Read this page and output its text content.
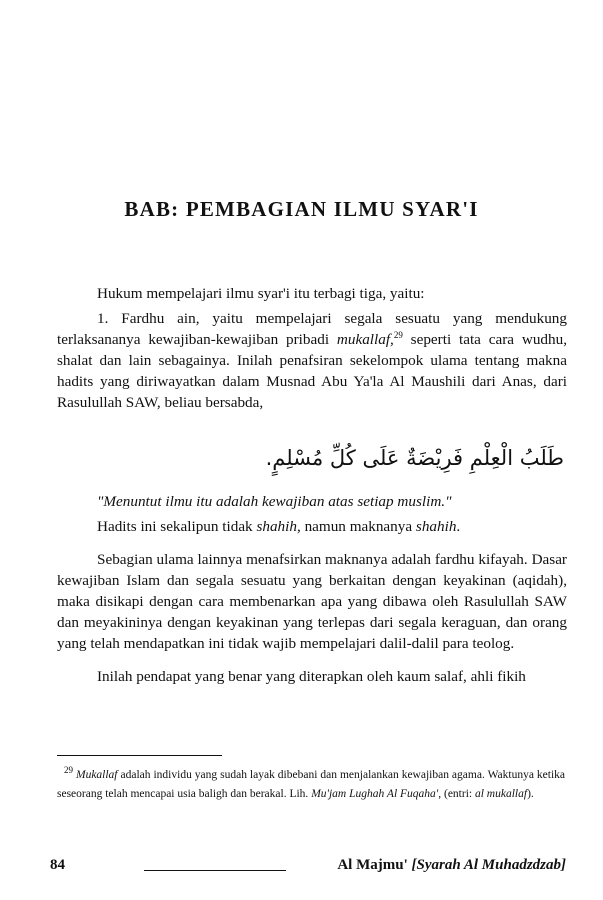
BAB: PEMBAGIAN ILMU SYAR'I

Hukum mempelajari ilmu syar'i itu terbagi tiga, yaitu:

1. Fardhu ain, yaitu mempelajari segala sesuatu yang mendukung terlaksananya kewajiban-kewajiban pribadi mukallaf,$^{29}$ seperti tata cara wudhu, shalat dan lain sebagainya. Inilah penafsiran sekelompok ulama tentang makna hadits yang diriwayatkan dalam Musnad Abu Ya'la Al Maushili dari Anas, dari Rasulullah SAW, beliau bersabda,

طَلَبُ الْعِلْمِ فَرِيْضَةٌ عَلَى كُلِّ مُسْلِمٍ.

"Menuntut ilmu itu adalah kewajiban atas setiap muslim."

Hadits ini sekalipun tidak shahih, namun maknanya shahih.

Sebagian ulama lainnya menafsirkan maknanya adalah fardhu kifayah. Dasar kewajiban Islam dan segala sesuatu yang berkaitan dengan keyakinan (aqidah), maka disikapi dengan cara membenarkan apa yang dibawa oleh Rasulullah SAW dan meyakininya dengan keyakinan yang terlepas dari segala keraguan, dan orang yang telah mendapatkan ini tidak wajib mempelajari dalil-dalil para teolog.

Inilah pendapat yang benar yang diterapkan oleh kaum salaf, ahli fikih

$^{29}$ Mukallaf adalah individu yang sudah layak dibebani dan menjalankan kewajiban agama. Waktunya ketika seseorang telah mencapai usia baligh dan berakal. Lih. Mu'jam Lughah Al Fuqaha', (entri: al mukallaf).
84	Al Majmu' [Syarah Al Muhadzdzab]
